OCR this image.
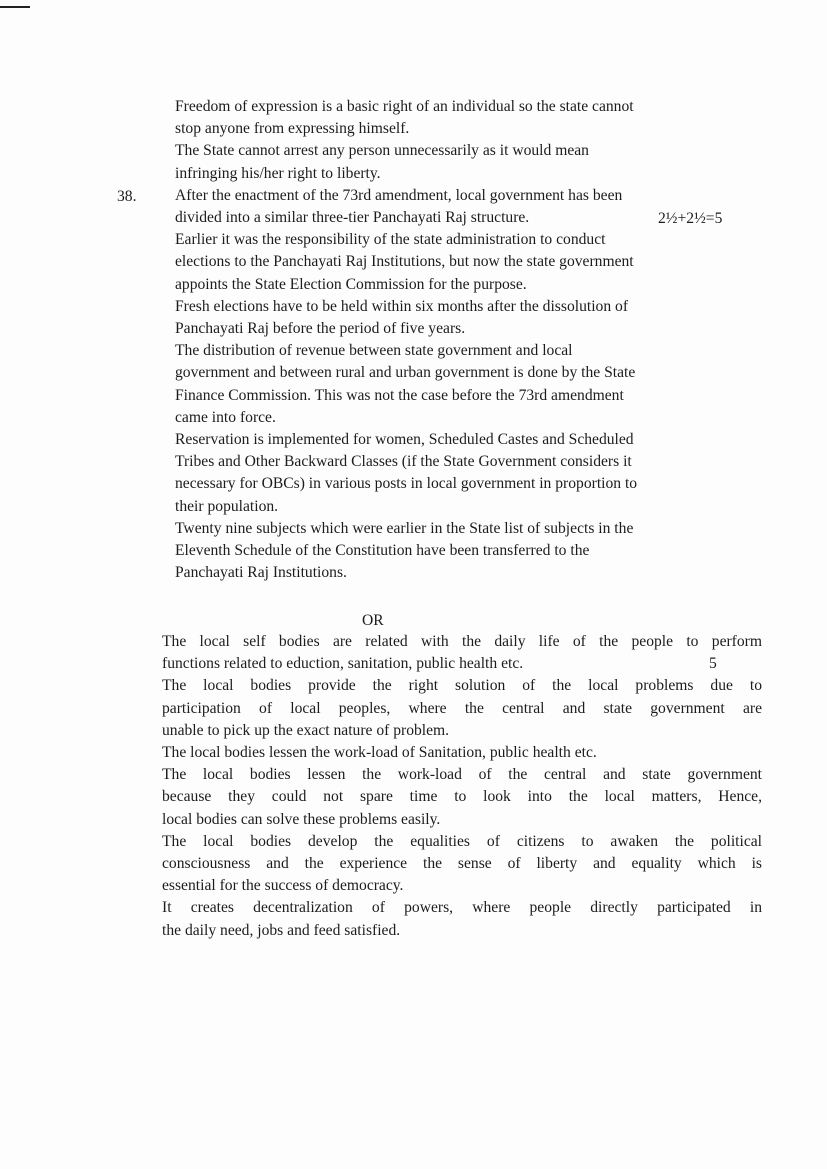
Freedom of expression is a basic right of an individual so the state cannot
stop anyone from expressing himself.
The State cannot arrest any person unnecessarily as it would mean
infringing his/her right to liberty.
After the enactment of the 73rd amendment, local government has been
divided into a similar three-tier Panchayati Raj structure.
Earlier it was the responsibility of the state administration to conduct
elections to the Panchayati Raj Institutions, but now the state government
appoints the State Election Commission for the purpose.
Fresh elections have to be held within six months after the dissolution of
Panchayati Raj before the period of five years.
The distribution of revenue between state government and local
government and between rural and urban government is done by the State
Finance Commission. This was not the case before the 73rd amendment
came into force.
Reservation is implemented for women, Scheduled Castes and Scheduled
Tribes and Other Backward Classes (if the State Government considers it
necessary for OBCs) in various posts in local government in proportion to
their population.
Twenty nine subjects which were earlier in the State list of subjects in the
Eleventh Schedule of the Constitution have been transferred to the
Panchayati Raj Institutions.
38.
2½+2½=5
OR
The local self bodies are related with the daily life of the people to perform
functions related to eduction, sanitation, public health etc.
The local bodies provide the right solution of the local problems due to
participation of local peoples, where the central and state government are
unable to pick up the exact nature of problem.
The local bodies lessen the work-load of Sanitation, public health etc.
The local bodies lessen the work-load of the central and state government
because they could not spare time to look into the local matters, Hence,
local bodies can solve these problems easily.
The local bodies develop the equalities of citizens to awaken the political
consciousness and the experience the sense of liberty and equality which is
essential for the success of democracy.
It creates decentralization of powers, where people directly participated in
the daily need, jobs and feed satisfied.
5
